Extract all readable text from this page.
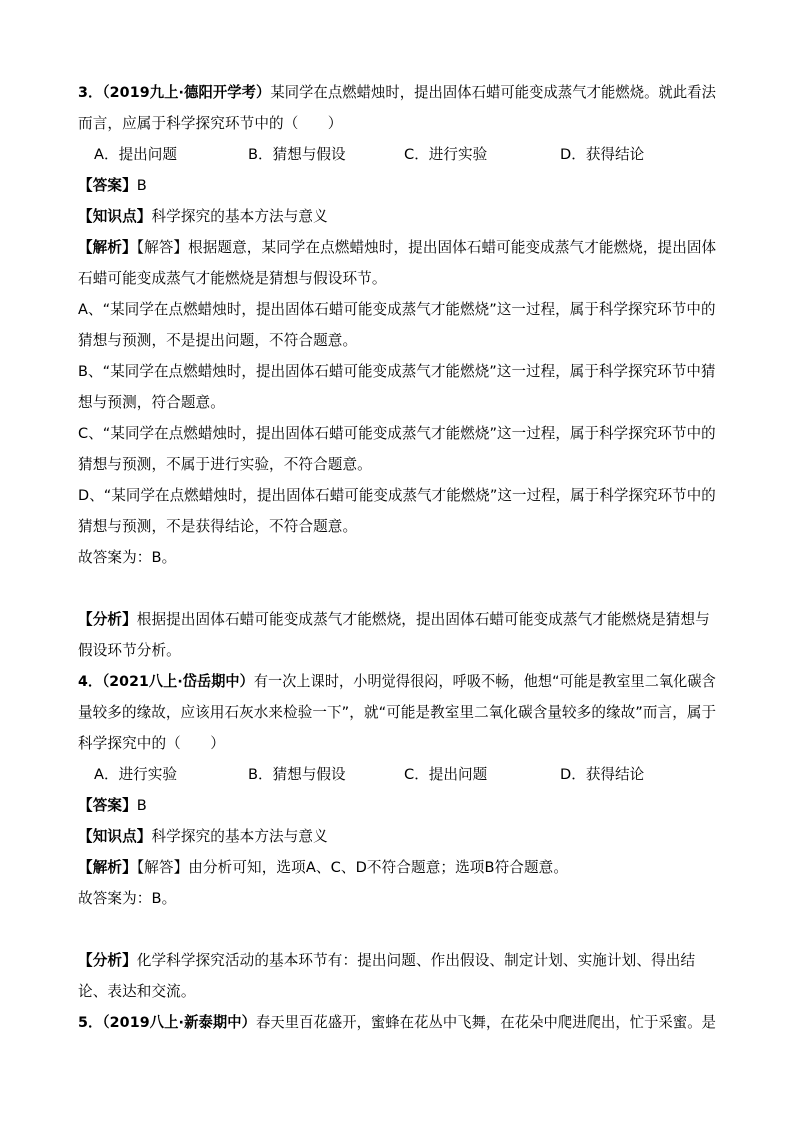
3．（2019九上·德阳开学考）某同学在点燃蜡烛时，提出固体石蜡可能变成蒸气才能燃烧。就此看法
而言，应属于科学探究环节中的（　　）
A．提出问题	B．猜想与假设	C．进行实验	D．获得结论
【答案】B
【知识点】科学探究的基本方法与意义
【解析】【解答】根据题意，某同学在点燃蜡烛时，提出固体石蜡可能变成蒸气才能燃烧，提出固体
石蜡可能变成蒸气才能燃烧是猜想与假设环节。
A、“某同学在点燃蜡烛时，提出固体石蜡可能变成蒸气才能燃烧”这一过程，属于科学探究环节中的
猜想与预测，不是提出问题，不符合题意。
B、“某同学在点燃蜡烛时，提出固体石蜡可能变成蒸气才能燃烧”这一过程，属于科学探究环节中猜
想与预测，符合题意。
C、“某同学在点燃蜡烛时，提出固体石蜡可能变成蒸气才能燃烧”这一过程，属于科学探究环节中的
猜想与预测，不属于进行实验，不符合题意。
D、“某同学在点燃蜡烛时，提出固体石蜡可能变成蒸气才能燃烧”这一过程，属于科学探究环节中的
猜想与预测，不是获得结论，不符合题意。
故答案为：B。
【分析】根据提出固体石蜡可能变成蒸气才能燃烧，提出固体石蜡可能变成蒸气才能燃烧是猜想与
假设环节分析。
4．（2021八上·岱岳期中）有一次上课时，小明觉得很闷，呼吸不畅，他想“可能是教室里二氧化碳含
量较多的缘故，应该用石灰水来检验一下”，就“可能是教室里二氧化碳含量较多的缘故”而言，属于
科学探究中的（　　）
A．进行实验	B．猜想与假设	C．提出问题	D．获得结论
【答案】B
【知识点】科学探究的基本方法与意义
【解析】【解答】由分析可知，选项A、C、D不符合题意；选项B符合题意。
故答案为：B。
【分析】化学科学探究活动的基本环节有：提出问题、作出假设、制定计划、实施计划、得出结
论、表达和交流。
5．（2019八上·新泰期中）春天里百花盛开，蜜蜂在花丛中飞舞，在花朵中爬进爬出，忙于采蜜。是
